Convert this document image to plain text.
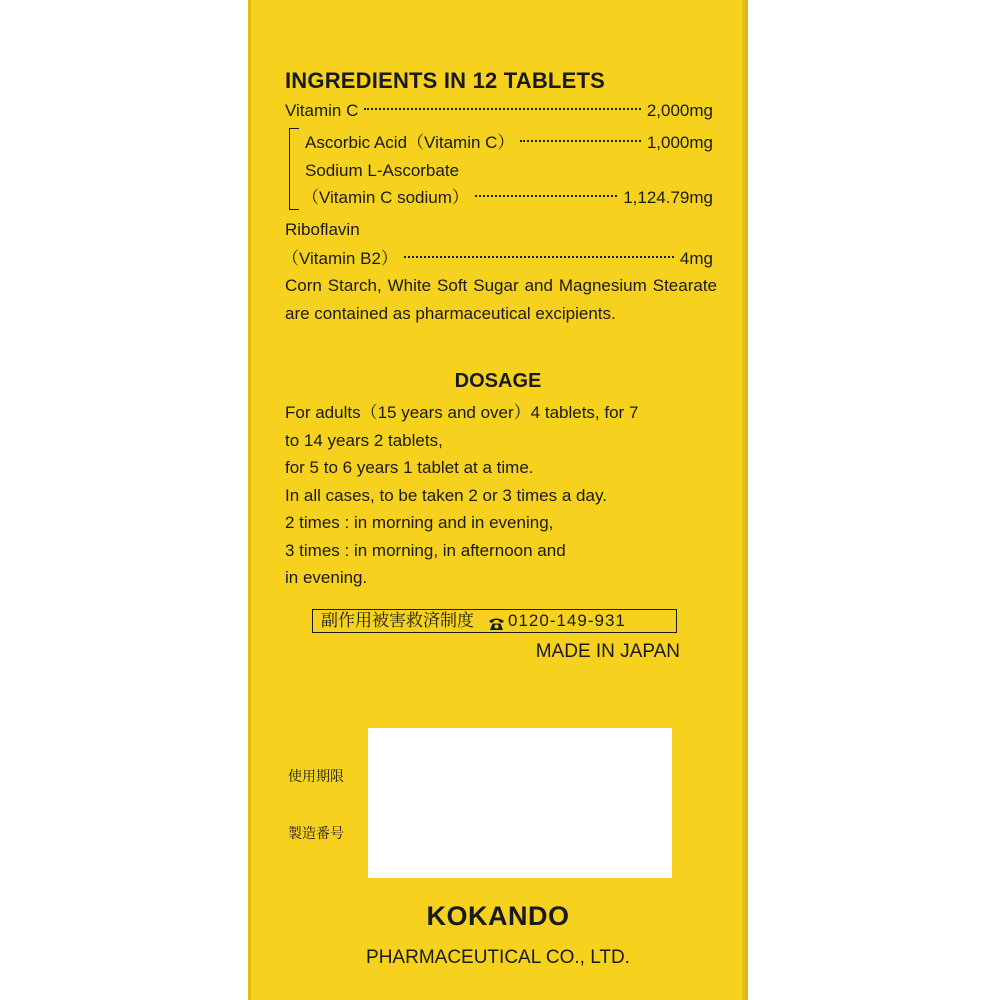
INGREDIENTS IN 12 TABLETS
Vitamin C	2,000mg
Ascorbic Acid（Vitamin C）	1,000mg
Sodium L-Ascorbate
（Vitamin C sodium）	1,124.79mg
Riboflavin
（Vitamin B2）	4mg
Corn Starch, White Soft Sugar and Magnesium Stearate are contained as pharmaceutical excipients.
DOSAGE
For adults（15 years and over）4 tablets, for 7
to 14 years 2 tablets,
for 5 to 6 years 1 tablet at a time.
In all cases, to be taken 2 or 3 times a day.
2 times : in morning and in evening,
3 times : in morning, in afternoon and
in evening.
副作用被害救済制度 0120-149-931
MADE IN JAPAN
使用期限
製造番号
KOKANDO
PHARMACEUTICAL CO., LTD.
